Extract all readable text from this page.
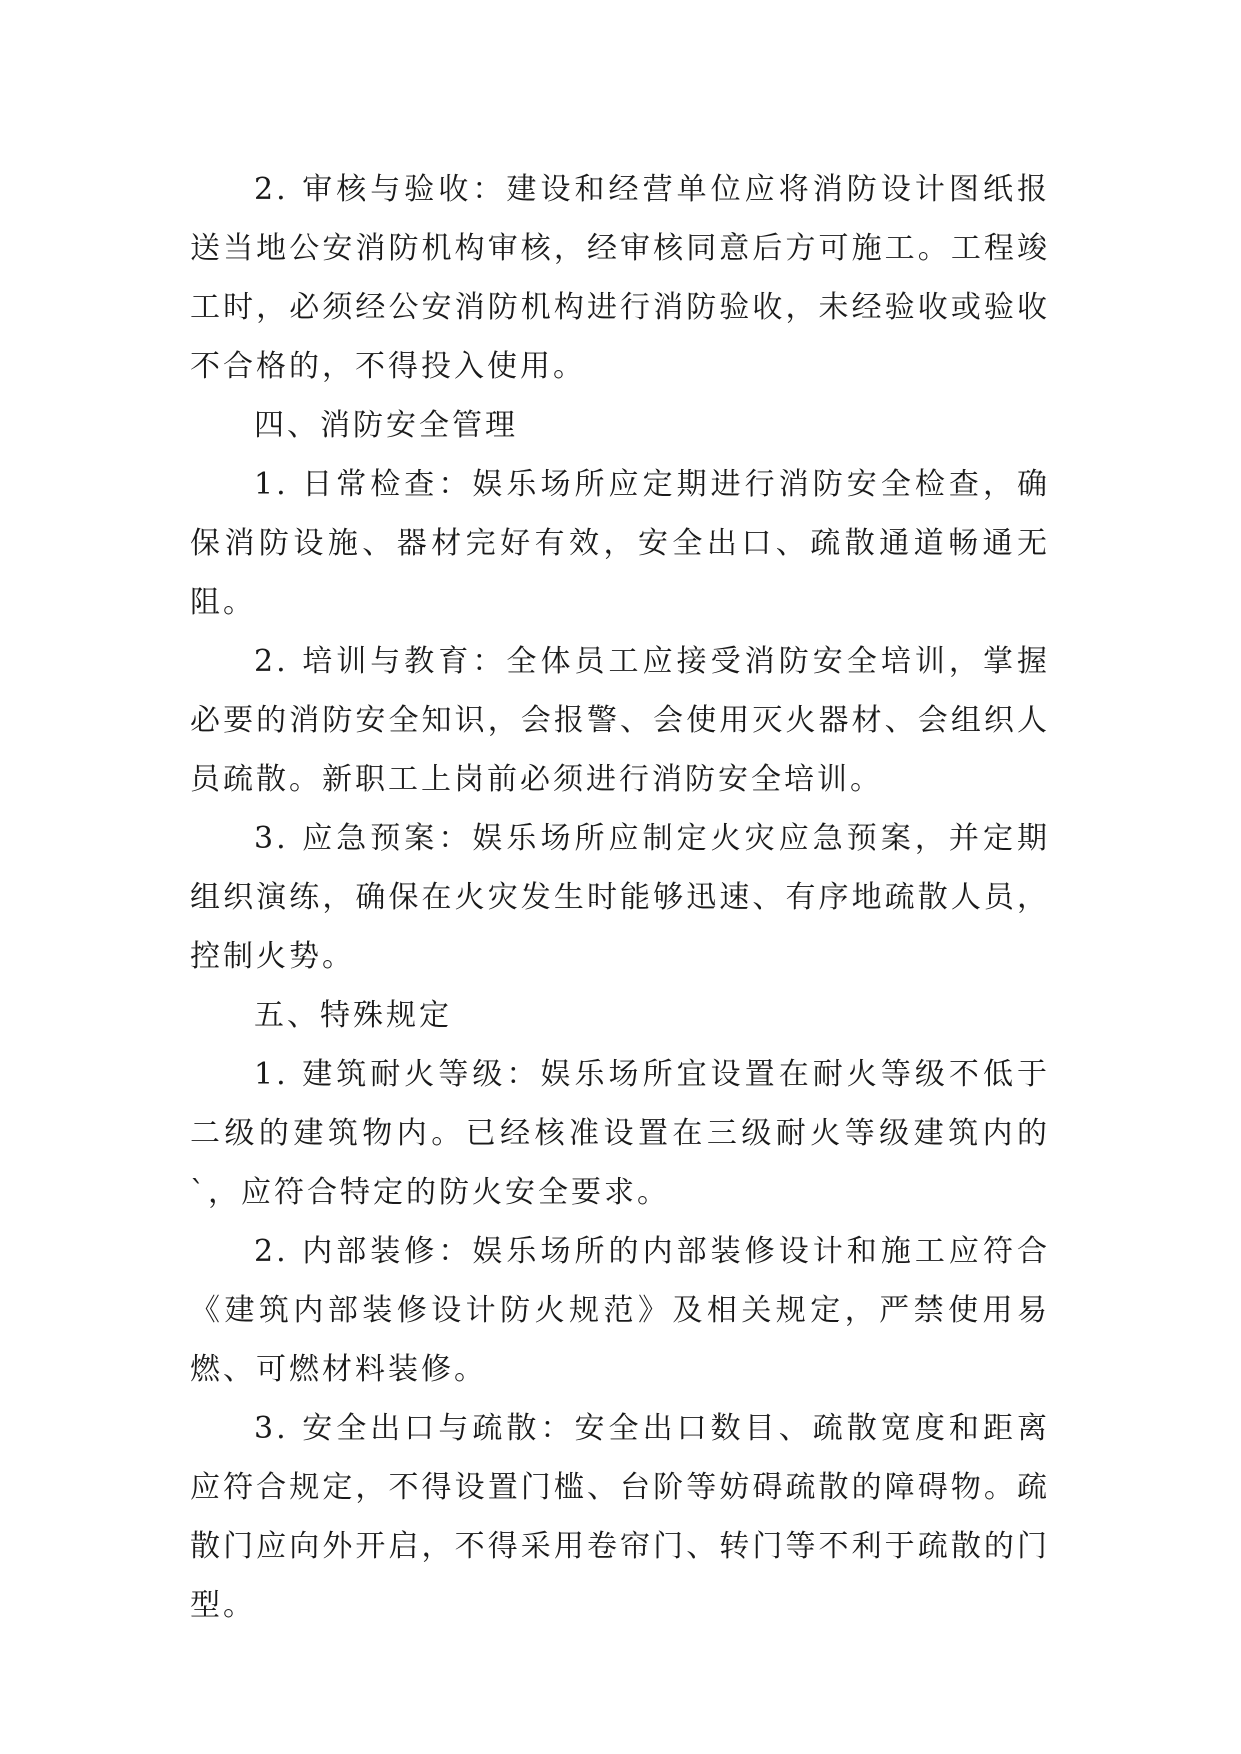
2. 审核与验收：建设和经营单位应将消防设计图纸报送当地公安消防机构审核，经审核同意后方可施工。工程竣工时，必须经公安消防机构进行消防验收，未经验收或验收不合格的，不得投入使用。

四、消防安全管理

1. 日常检查：娱乐场所应定期进行消防安全检查，确保消防设施、器材完好有效，安全出口、疏散通道畅通无阻。

2. 培训与教育：全体员工应接受消防安全培训，掌握必要的消防安全知识，会报警、会使用灭火器材、会组织人员疏散。新职工上岗前必须进行消防安全培训。

3. 应急预案：娱乐场所应制定火灾应急预案，并定期组织演练，确保在火灾发生时能够迅速、有序地疏散人员，控制火势。

五、特殊规定

1. 建筑耐火等级：娱乐场所宜设置在耐火等级不低于二级的建筑物内。已经核准设置在三级耐火等级建筑内的`，应符合特定的防火安全要求。

2. 内部装修：娱乐场所的内部装修设计和施工应符合《建筑内部装修设计防火规范》及相关规定，严禁使用易燃、可燃材料装修。

3. 安全出口与疏散：安全出口数目、疏散宽度和距离应符合规定，不得设置门槛、台阶等妨碍疏散的障碍物。疏散门应向外开启，不得采用卷帘门、转门等不利于疏散的门型。
